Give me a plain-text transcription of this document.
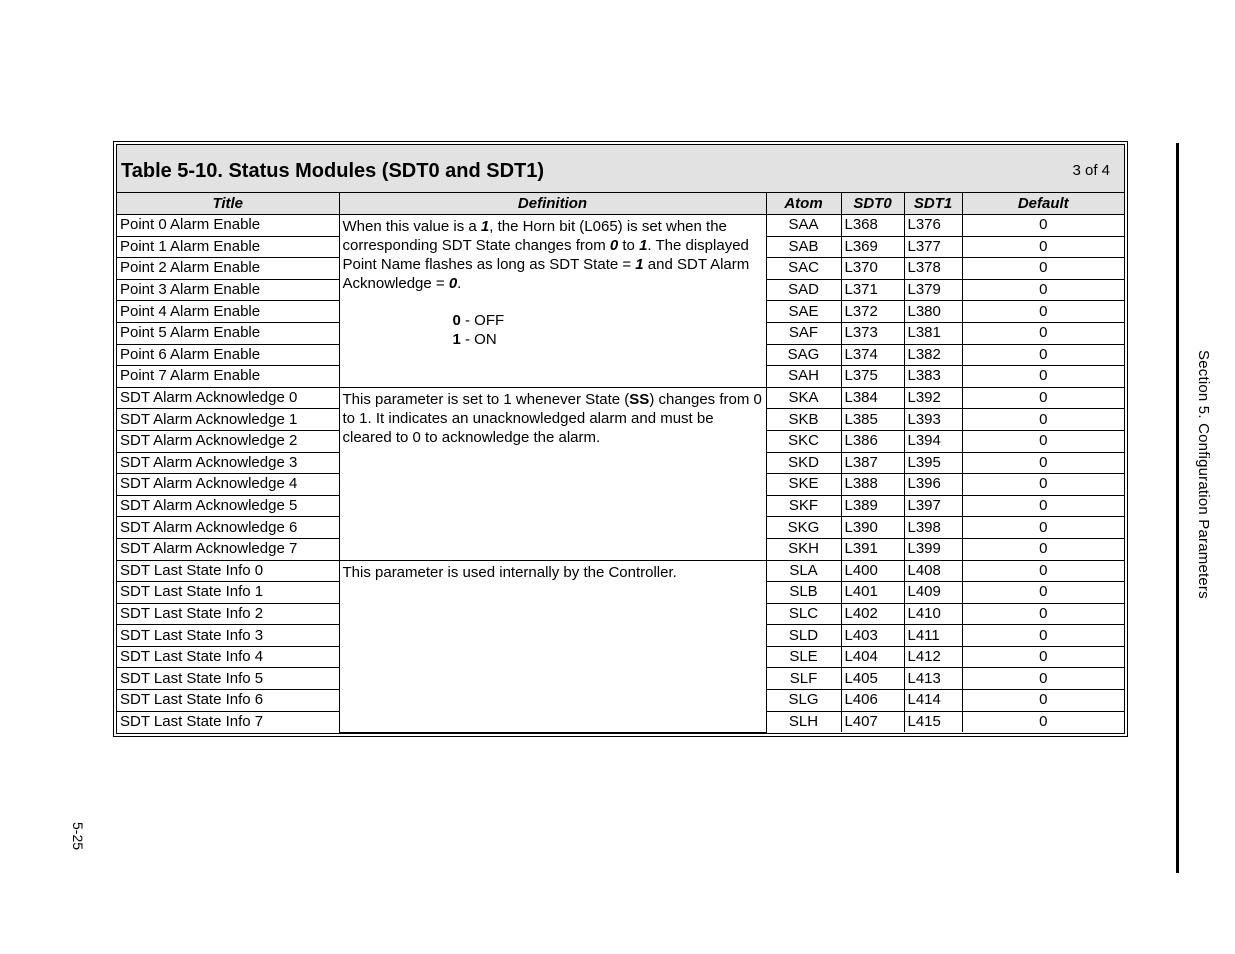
Table 5-10. Status Modules (SDT0 and SDT1)	3 of 4
Title	Definition	Atom	SDT0	SDT1	Default
Point 0 Alarm Enable	When this value is a 1, the Horn bit (L065) is set when the corresponding SDT State changes from 0 to 1. The displayed Point Name flashes as long as SDT State = 1 and SDT Alarm Acknowledge = 0.
0 - OFF
1 - ON	SAA	L368	L376	0
Point 1 Alarm Enable		SAB	L369	L377	0
Point 2 Alarm Enable		SAC	L370	L378	0
Point 3 Alarm Enable		SAD	L371	L379	0
Point 4 Alarm Enable		SAE	L372	L380	0
Point 5 Alarm Enable		SAF	L373	L381	0
Point 6 Alarm Enable		SAG	L374	L382	0
Point 7 Alarm Enable		SAH	L375	L383	0
SDT Alarm Acknowledge 0	This parameter is set to 1 whenever State (SS) changes from 0 to 1. It indicates an unacknowledged alarm and must be cleared to 0 to acknowledge the alarm.	SKA	L384	L392	0
SDT Alarm Acknowledge 1		SKB	L385	L393	0
SDT Alarm Acknowledge 2		SKC	L386	L394	0
SDT Alarm Acknowledge 3		SKD	L387	L395	0
SDT Alarm Acknowledge 4		SKE	L388	L396	0
SDT Alarm Acknowledge 5		SKF	L389	L397	0
SDT Alarm Acknowledge 6		SKG	L390	L398	0
SDT Alarm Acknowledge 7		SKH	L391	L399	0
SDT Last State Info 0	This parameter is used internally by the Controller.	SLA	L400	L408	0
SDT Last State Info 1		SLB	L401	L409	0
SDT Last State Info 2		SLC	L402	L410	0
SDT Last State Info 3		SLD	L403	L411	0
SDT Last State Info 4		SLE	L404	L412	0
SDT Last State Info 5		SLF	L405	L413	0
SDT Last State Info 6		SLG	L406	L414	0
SDT Last State Info 7		SLH	L407	L415	0
Section 5. Configuration Parameters
5-25
